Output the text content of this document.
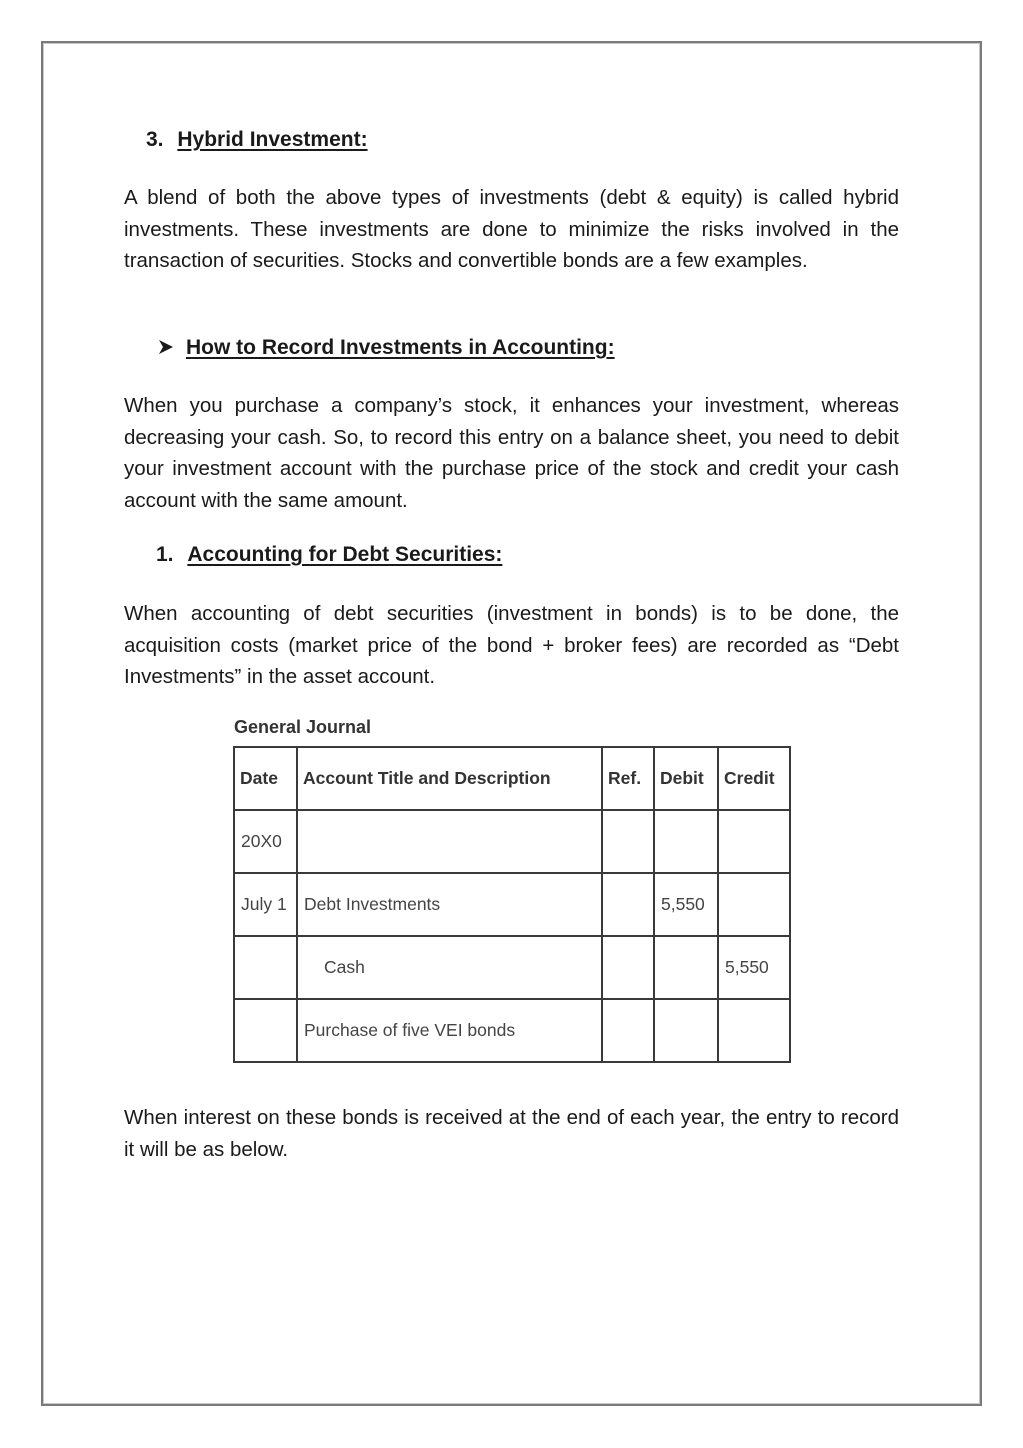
3. Hybrid Investment:

A blend of both the above types of investments (debt & equity) is called hybrid investments. These investments are done to minimize the risks involved in the transaction of securities. Stocks and convertible bonds are a few examples.

How to Record Investments in Accounting:

When you purchase a company’s stock, it enhances your investment, whereas decreasing your cash. So, to record this entry on a balance sheet, you need to debit your investment account with the purchase price of the stock and credit your cash account with the same amount.

1. Accounting for Debt Securities:

When accounting of debt securities (investment in bonds) is to be done, the acquisition costs (market price of the bond + broker fees) are recorded as “Debt Investments” in the asset account.

General Journal
Date	Account Title and Description	Ref.	Debit	Credit
20X0				
July 1	Debt Investments		5,550	
	Cash			5,550
	Purchase of five VEI bonds			

When interest on these bonds is received at the end of each year, the entry to record it will be as below.
